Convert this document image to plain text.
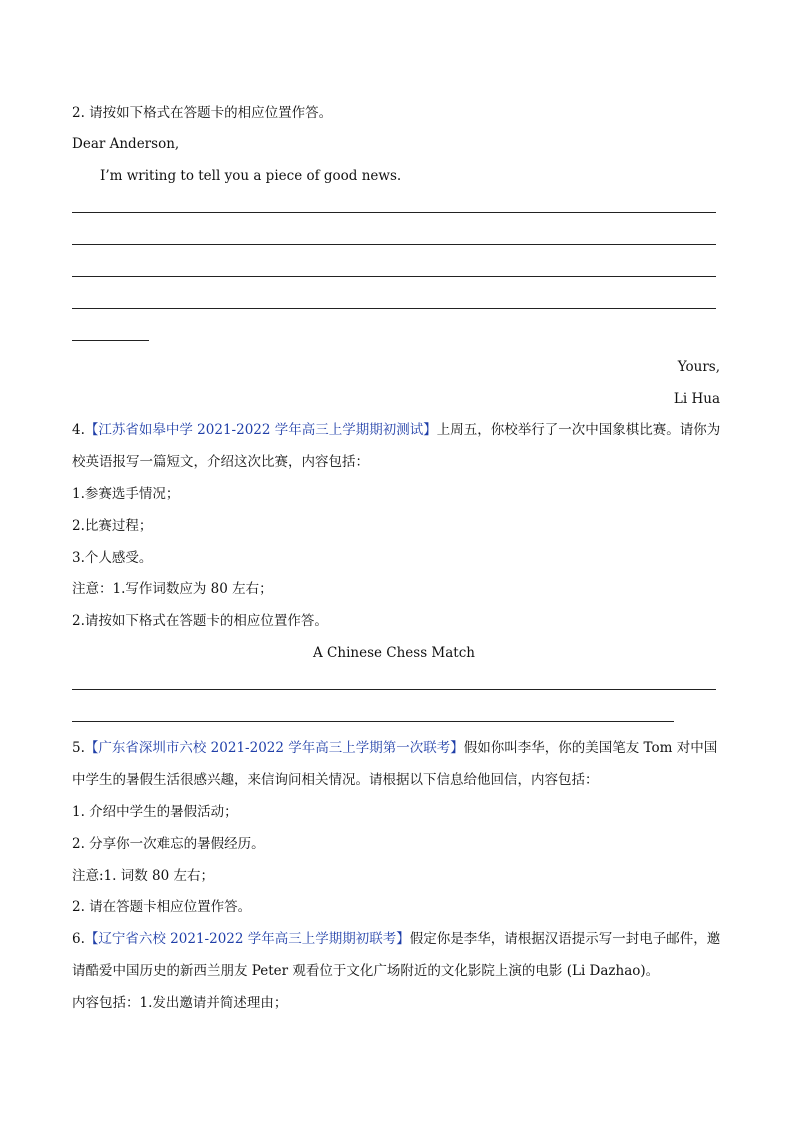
2. 请按如下格式在答题卡的相应位置作答。
Dear Anderson,
I’m writing to tell you a piece of good news.
Yours,
Li Hua
4.【江苏省如皋中学 2021-2022 学年高三上学期期初测试】上周五，你校举行了一次中国象棋比赛。请你为
校英语报写一篇短文，介绍这次比赛，内容包括：
1.参赛选手情况；
2.比赛过程；
3.个人感受。
注意：1.写作词数应为 80 左右；
2.请按如下格式在答题卡的相应位置作答。
A Chinese Chess Match
5.【广东省深圳市六校 2021-2022 学年高三上学期第一次联考】假如你叫李华，你的美国笔友 Tom 对中国
中学生的暑假生活很感兴趣，来信询问相关情况。请根据以下信息给他回信，内容包括：
1. 介绍中学生的暑假活动；
2. 分享你一次难忘的暑假经历。
注意:1. 词数 80 左右；
2. 请在答题卡相应位置作答。
6.【辽宁省六校 2021-2022 学年高三上学期期初联考】假定你是李华，请根据汉语提示写一封电子邮件，邀
请酷爱中国历史的新西兰朋友 Peter 观看位于文化广场附近的文化影院上演的电影 (Li Dazhao)。
内容包括：1.发出邀请并简述理由；
